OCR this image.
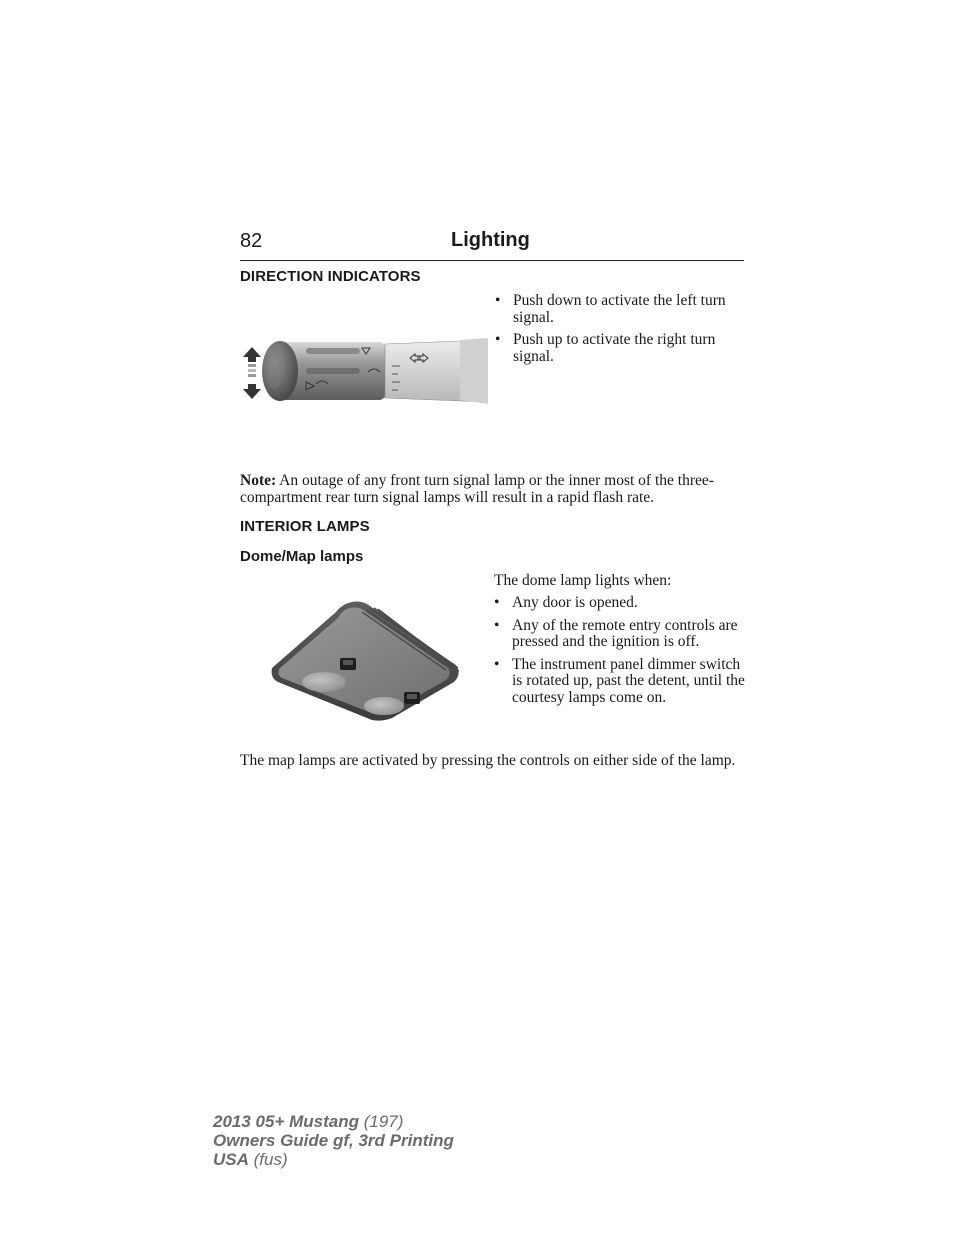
82	Lighting
DIRECTION INDICATORS
• Push down to activate the left turn signal.
• Push up to activate the right turn signal.
Note: An outage of any front turn signal lamp or the inner most of the three-compartment rear turn signal lamps will result in a rapid flash rate.
INTERIOR LAMPS
Dome/Map lamps
The dome lamp lights when:
• Any door is opened.
• Any of the remote entry controls are pressed and the ignition is off.
• The instrument panel dimmer switch is rotated up, past the detent, until the courtesy lamps come on.
The map lamps are activated by pressing the controls on either side of the lamp.
2013 05+ Mustang (197)
Owners Guide gf, 3rd Printing
USA (fus)
